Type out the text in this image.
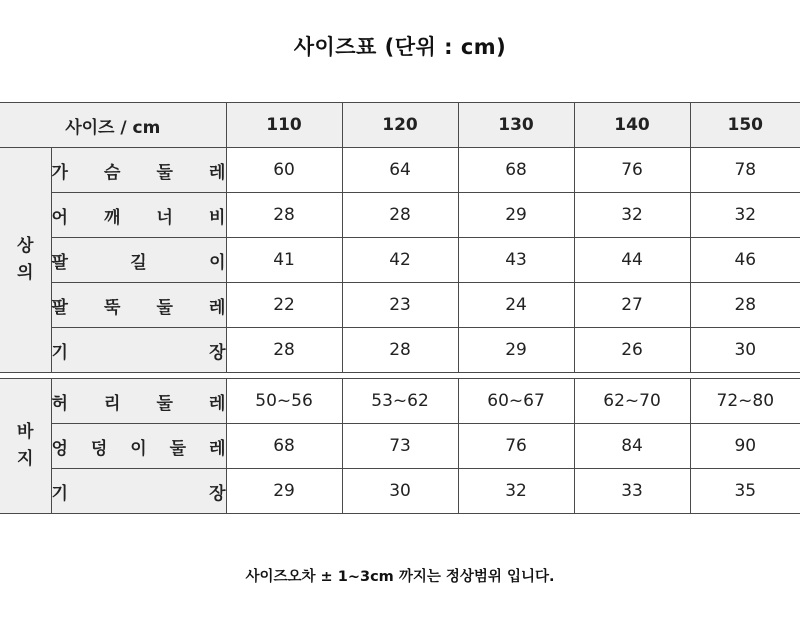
사이즈표 (단위 : cm)
사이즈 / cm		110	120	130	140	150

상
의	가 슴 둘 레	60	64	68	76	78

	어 깨 너 비	28	28	29	32	32

	팔 길 이	41	42	43	44	46

	팔 뚝 둘 레	22	23	24	27	28

	기 장	28	28	29	26	30

바
지	허 리 둘 레	50~56	53~62	60~67	62~70	72~80

	엉 덩 이 둘 레	68	73	76	84	90

	기 장	29	30	32	33	35
사이즈오차 ± 1~3cm 까지는 정상범위 입니다.
